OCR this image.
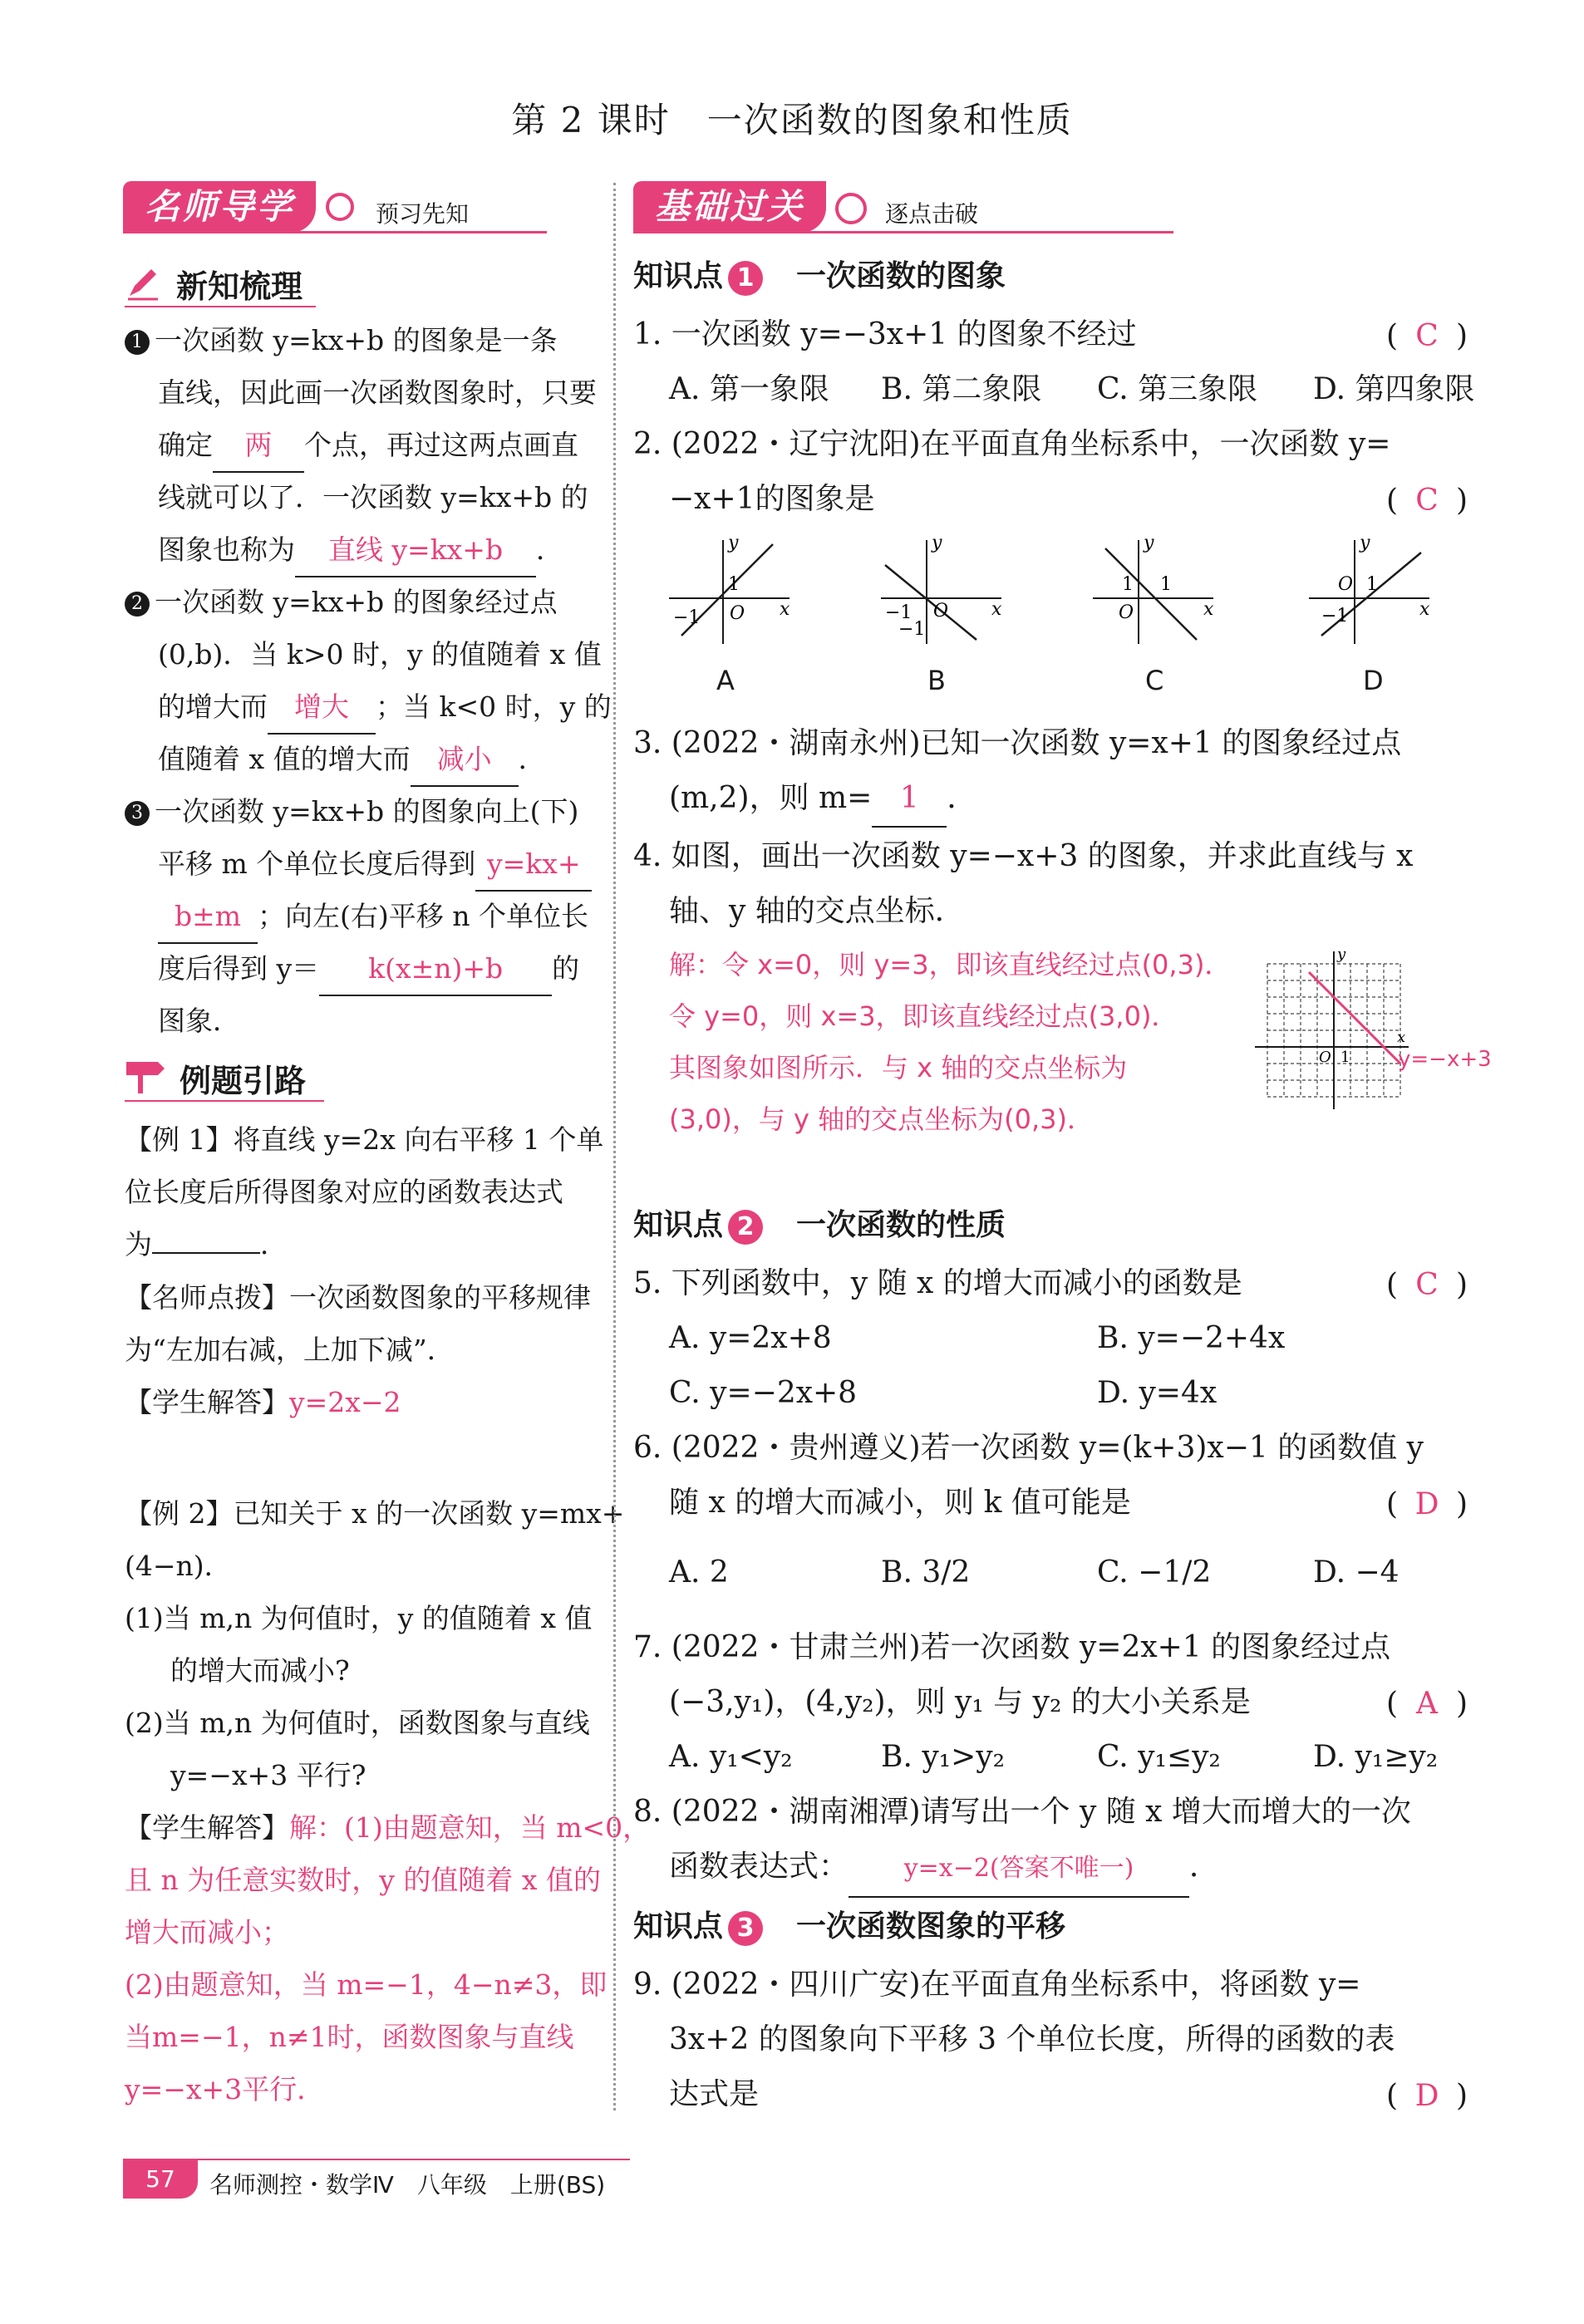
第 2 课时　一次函数的图象和性质
名师导学	预习先知
新知梳理
1 一次函数 y=kx+b 的图象是一条
直线，因此画一次函数图象时，只要
确定 两 个点，再过这两点画直
线就可以了．一次函数 y=kx+b 的
图象也称为 直线 y=kx+b ．
2 一次函数 y=kx+b 的图象经过点
(0,b)．当 k>0 时，y 的值随着 x 值
的增大而 增大 ；当 k<0 时，y 的
值随着 x 值的增大而 减小 ．
3 一次函数 y=kx+b 的图象向上(下)
平移 m 个单位长度后得到 y=kx+
b±m ；向左(右)平移 n 个单位长
度后得到 y＝ k(x±n)+b 的
图象．
例题引路
【例 1】将直线 y=2x 向右平移 1 个单
位长度后所得图象对应的函数表达式
为	．
【名师点拨】一次函数图象的平移规律
为“左加右减，上加下减”．
【学生解答】y=2x−2
【例 2】已知关于 x 的一次函数 y=mx+
(4−n)．
(1)当 m,n 为何值时，y 的值随着 x 值
的增大而减小?
(2)当 m,n 为何值时，函数图象与直线
y=−x+3 平行?
【学生解答】解：(1)由题意知，当 m<0，
且 n 为任意实数时，y 的值随着 x 值的
增大而减小；
(2)由题意知，当 m=−1，4−n≠3，即
当m=−1，n≠1时，函数图象与直线
y=−x+3平行．
基础过关	逐点击破
知识点 1 一次函数的图象
1. 一次函数 y=−3x+1 的图象不经过	( C )
A. 第一象限 B. 第二象限 C. 第三象限 D. 第四象限
2. (2022・辽宁沈阳)在平面直角坐标系中，一次函数 y=
−x+1的图象是	( C )
y
x
1
−1 O
A
y
x
−1
−1
O
B
y
x
1 1
O
C
y
x
O 1
−1
D
3. (2022・湖南永州)已知一次函数 y=x+1 的图象经过点
(m,2)，则 m= 1 ．
4. 如图，画出一次函数 y=−x+3 的图象，并求此直线与 x
轴、y 轴的交点坐标．
解：令 x=0，则 y=3，即该直线经过点(0,3)．
令 y=0，则 x=3，即该直线经过点(3,0)．
其图象如图所示．与 x 轴的交点坐标为
(3,0)，与 y 轴的交点坐标为(0,3)．
y
x
O 1 y=−x+3
知识点 2 一次函数的性质
5. 下列函数中，y 随 x 的增大而减小的函数是	( C )
A. y=2x+8	B. y=−2+4x
C. y=−2x+8	D. y=4x
6. (2022・贵州遵义)若一次函数 y=(k+3)x−1 的函数值 y
随 x 的增大而减小，则 k 值可能是	( D )
A. 2	B. 3/2	C. −1/2	D. −4
7. (2022・甘肃兰州)若一次函数 y=2x+1 的图象经过点
(−3,y₁)，(4,y₂)，则 y₁ 与 y₂ 的大小关系是	( A )
A. y₁<y₂	B. y₁>y₂	C. y₁≤y₂	D. y₁≥y₂
8. (2022・湖南湘潭)请写出一个 y 随 x 增大而增大的一次
函数表达式： y=x−2(答案不唯一) ．
知识点 3 一次函数图象的平移
9. (2022・四川广安)在平面直角坐标系中，将函数 y=
3x+2 的图象向下平移 3 个单位长度，所得的函数的表
达式是	( D )
57	名师测控・数学Ⅳ　八年级　上册(BS)
